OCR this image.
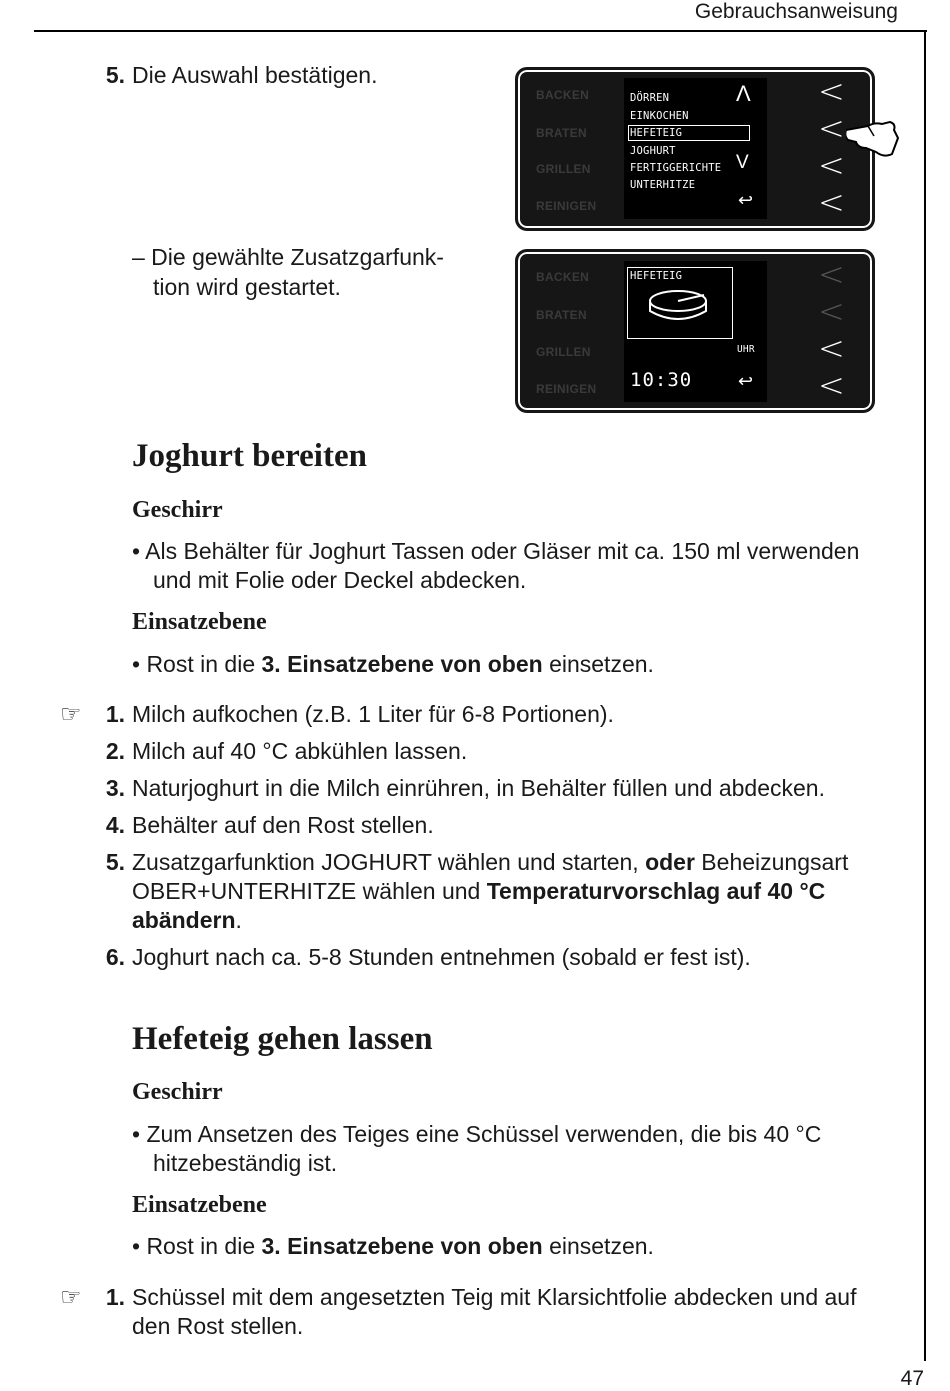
Gebrauchsanweisung
5. Die Auswahl bestätigen.
– Die gewählte Zusatzgarfunk-
tion wird gestartet.
BACKEN
BRATEN
GRILLEN
REINIGEN
DÖRREN
EINKOCHEN
HEFETEIG
JOGHURT
FERTIGGERICHTE
UNTERHITZE
Λ
V
↩
<
<
<
<
BACKEN
BRATEN
GRILLEN
REINIGEN
HEFETEIG
UHR
10:30	↩
<
<
<
<
Joghurt bereiten
Geschirr
• Als Behälter für Joghurt Tassen oder Gläser mit ca. 150 ml verwenden
und mit Folie oder Deckel abdecken.
Einsatzebene
• Rost in die 3. Einsatzebene von oben einsetzen.
☞ 1. Milch aufkochen (z.B. 1 Liter für 6-8 Portionen).
2. Milch auf 40 °C abkühlen lassen.
3. Naturjoghurt in die Milch einrühren, in Behälter füllen und abdecken.
4. Behälter auf den Rost stellen.
5. Zusatzgarfunktion JOGHURT wählen und starten, oder Beheizungsart
OBER+UNTERHITZE wählen und Temperaturvorschlag auf 40 °C
abändern.
6. Joghurt nach ca. 5-8 Stunden entnehmen (sobald er fest ist).
Hefeteig gehen lassen
Geschirr
• Zum Ansetzen des Teiges eine Schüssel verwenden, die bis 40 °C
hitzebeständig ist.
Einsatzebene
• Rost in die 3. Einsatzebene von oben einsetzen.
☞ 1. Schüssel mit dem angesetzten Teig mit Klarsichtfolie abdecken und auf
den Rost stellen.
47
